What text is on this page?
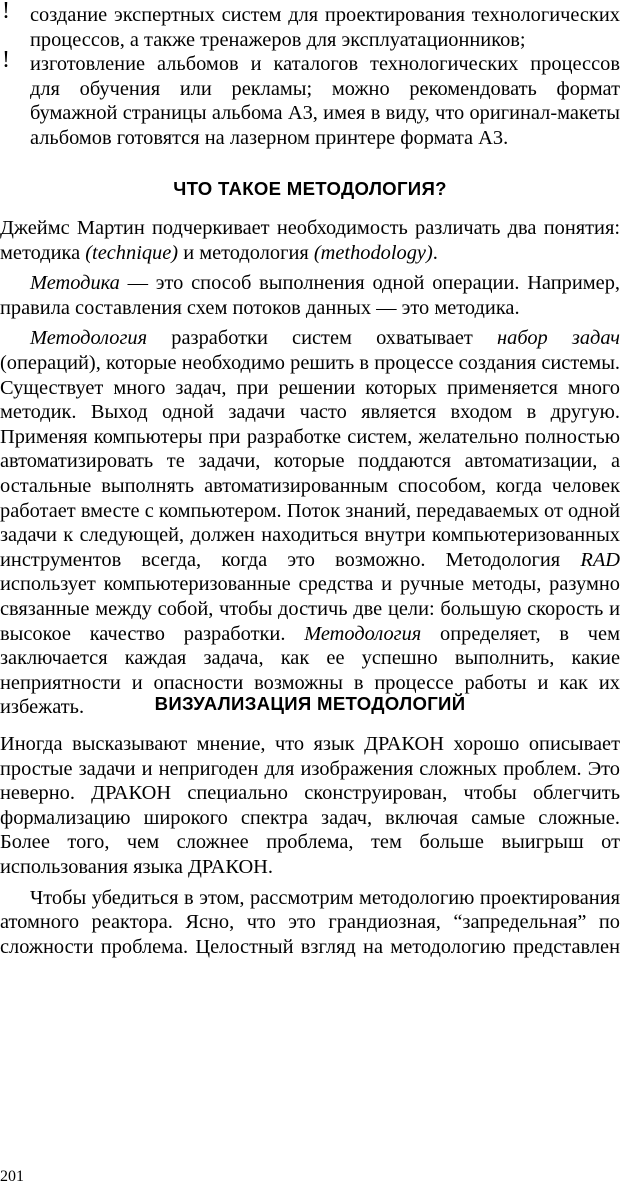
! создание экспертных систем для проектирования технологических процессов, а также тренажеров для эксплуатационников;
! изготовление альбомов и каталогов технологических процессов для обучения или рекламы; можно рекомендовать формат бумажной страницы альбома А3, имея в виду, что оригинал-макеты альбомов готовятся на лазерном принтере формата А3.
ЧТО ТАКОЕ МЕТОДОЛОГИЯ?

Джеймс Мартин подчеркивает необходимость различать два понятия: методика (technique) и методология (methodology).

Методика — это способ выполнения одной операции. Например, правила составления схем потоков данных — это методика.

Методология разработки систем охватывает набор задач (операций), которые необходимо решить в процессе создания системы. Существует много задач, при решении которых применяется много методик. Выход одной задачи часто является входом в другую. Применяя компьютеры при разработке систем, желательно полностью автоматизировать те задачи, которые поддаются автоматизации, а остальные выполнять автоматизированным способом, когда человек работает вместе с компьютером. Поток знаний, передаваемых от одной задачи к следующей, должен находиться внутри компьютеризованных инструментов всегда, когда это возможно. Методология RAD использует компьютеризованные средства и ручные методы, разумно связанные между собой, чтобы достичь две цели: большую скорость и высокое качество разработки. Методология определяет, в чем заключается каждая задача, как ее успешно выполнить, какие неприятности и опасности возможны в процессе работы и как их избежать.	ВИЗУАЛИЗАЦИЯ МЕТОДОЛОГИЙ

Иногда высказывают мнение, что язык ДРАКОН хорошо описывает простые задачи и непригоден для изображения сложных проблем. Это неверно. ДРАКОН специально сконструирован, чтобы облегчить формализацию широкого спектра задач, включая самые сложные. Более того, чем сложнее проблема, тем больше выигрыш от использования языка ДРАКОН.

Чтобы убедиться в этом, рассмотрим методологию проектирования атомного реактора. Ясно, что это грандиозная, “запредельная” по сложности проблема. Целостный взгляд на методологию представлен

201
